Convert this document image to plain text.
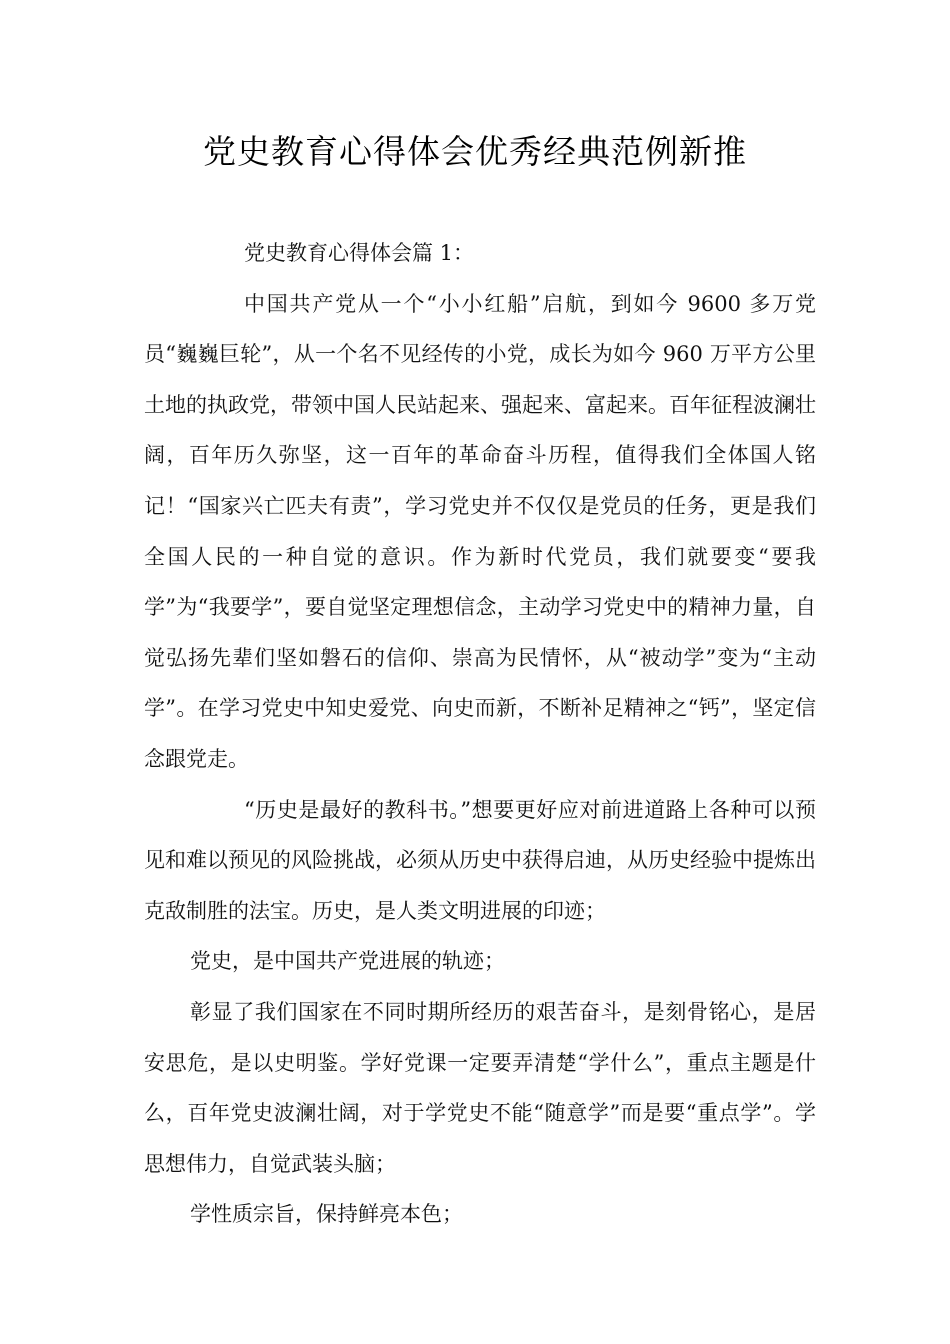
党史教育心得体会优秀经典范例新推

党史教育心得体会篇 1：

中国共产党从一个“小小红船”启航，到如今 9600 多万党员“巍巍巨轮”，从一个名不见经传的小党，成长为如今 960 万平方公里土地的执政党，带领中国人民站起来、强起来、富起来。百年征程波澜壮阔，百年历久弥坚，这一百年的革命奋斗历程，值得我们全体国人铭记！“国家兴亡匹夫有责”，学习党史并不仅仅是党员的任务，更是我们全国人民的一种自觉的意识。作为新时代党员，我们就要变“要我学”为“我要学”，要自觉坚定理想信念，主动学习党史中的精神力量，自觉弘扬先辈们坚如磐石的信仰、崇高为民情怀，从“被动学”变为“主动学”。在学习党史中知史爱党、向史而新，不断补足精神之“钙”，坚定信念跟党走。

“历史是最好的教科书。”想要更好应对前进道路上各种可以预见和难以预见的风险挑战，必须从历史中获得启迪，从历史经验中提炼出克敌制胜的法宝。历史，是人类文明进展的印迹；

党史，是中国共产党进展的轨迹；

彰显了我们国家在不同时期所经历的艰苦奋斗，是刻骨铭心，是居安思危，是以史明鉴。学好党课一定要弄清楚“学什么”，重点主题是什么，百年党史波澜壮阔，对于学党史不能“随意学”而是要“重点学”。学思想伟力，自觉武装头脑；

学性质宗旨，保持鲜亮本色；
